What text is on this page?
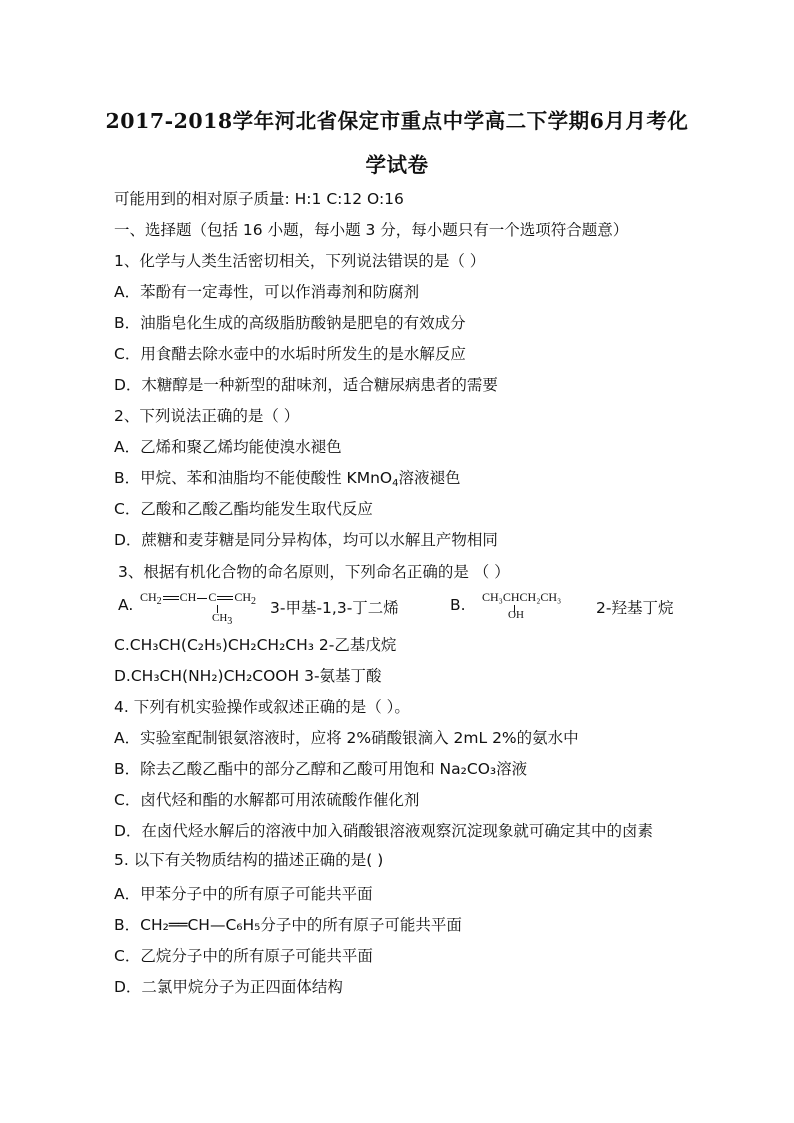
2017-2018学年河北省保定市重点中学高二下学期6月月考化
学试卷
可能用到的相对原子质量: H:1 C:12 O:16
一、选择题（包括 16 小题，每小题 3 分，每小题只有一个选项符合题意）
1、化学与人类生活密切相关，下列说法错误的是（ ）
A．苯酚有一定毒性，可以作消毒剂和防腐剂
B．油脂皂化生成的高级脂肪酸钠是肥皂的有效成分
C．用食醋去除水壶中的水垢时所发生的是水解反应
D．木糖醇是一种新型的甜味剂，适合糖尿病患者的需要
2、下列说法正确的是（ ）
A．乙烯和聚乙烯均能使溴水褪色
B．甲烷、苯和油脂均不能使酸性 KMnO$_4$溶液褪色
C．乙酸和乙酸乙酯均能发生取代反应
D．蔗糖和麦芽糖是同分异构体，均可以水解且产物相同
3、根据有机化合物的命名原则，下列命名正确的是 （ ）
A. $CH_2$ CH C $CH_2$
$CH_3$
3-甲基-1,3-丁二烯	B. CH₃CHCH₂CH₃
OH	2-羟基丁烷
C.CH₃CH(C₂H₅)CH₂CH₂CH₃ 2-乙基戊烷
D.CH₃CH(NH₂)CH₂COOH 3-氨基丁酸
4. 下列有机实验操作或叙述正确的是（ ）。
A．实验室配制银氨溶液时，应将 2%硝酸银滴入 2mL 2%的氨水中
B．除去乙酸乙酯中的部分乙醇和乙酸可用饱和 Na₂CO₃溶液
C．卤代烃和酯的水解都可用浓硫酸作催化剂
D．在卤代烃水解后的溶液中加入硝酸银溶液观察沉淀现象就可确定其中的卤素
5. 以下有关物质结构的描述正确的是( )
A．甲苯分子中的所有原子可能共平面
B．CH₂══CH—C₆H₅分子中的所有原子可能共平面
C．乙烷分子中的所有原子可能共平面
D．二氯甲烷分子为正四面体结构
